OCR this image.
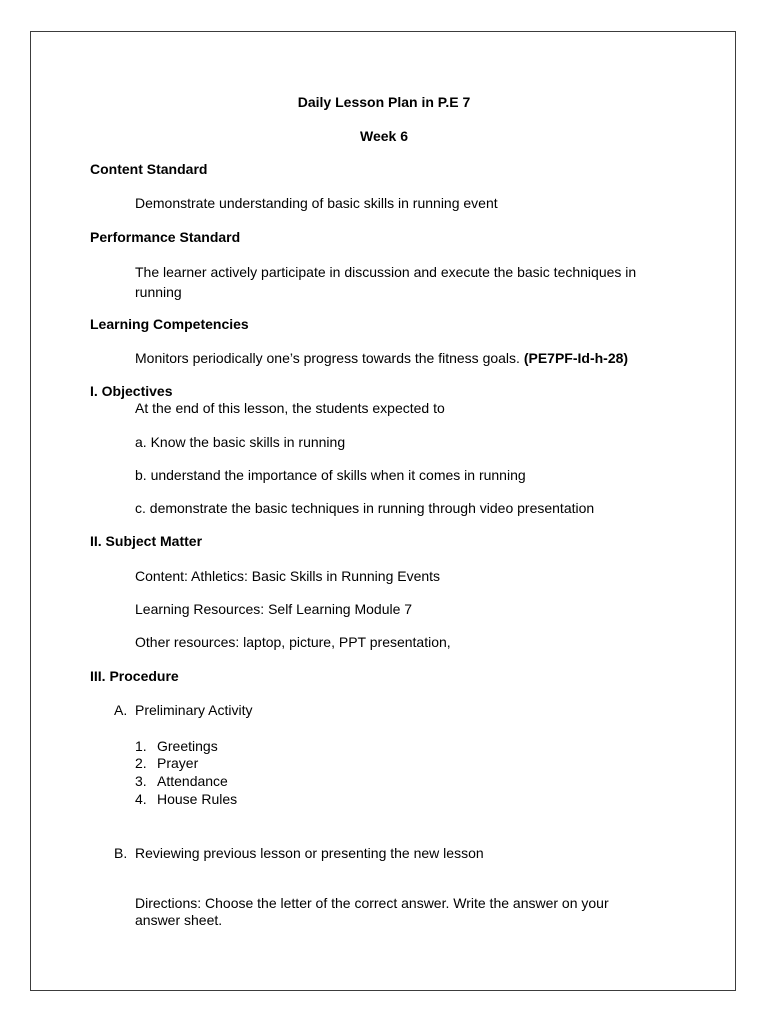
Daily Lesson Plan in P.E 7
Week 6
Content Standard
Demonstrate understanding of basic skills in running event
Performance Standard
The learner actively participate in discussion and execute the basic techniques in running
Learning Competencies
Monitors periodically one’s progress towards the fitness goals. (PE7PF-Id-h-28)
I. Objectives
At the end of this lesson, the students expected to
a. Know the basic skills in running
b. understand the importance of skills when it comes in running
c. demonstrate the basic techniques in running through video presentation
II. Subject Matter
Content: Athletics: Basic Skills in Running Events
Learning Resources: Self Learning Module 7
Other resources: laptop, picture, PPT presentation,
III. Procedure
A. Preliminary Activity
1. Greetings
2. Prayer
3. Attendance
4. House Rules
B. Reviewing previous lesson or presenting the new lesson
Directions: Choose the letter of the correct answer. Write the answer on your answer sheet.
